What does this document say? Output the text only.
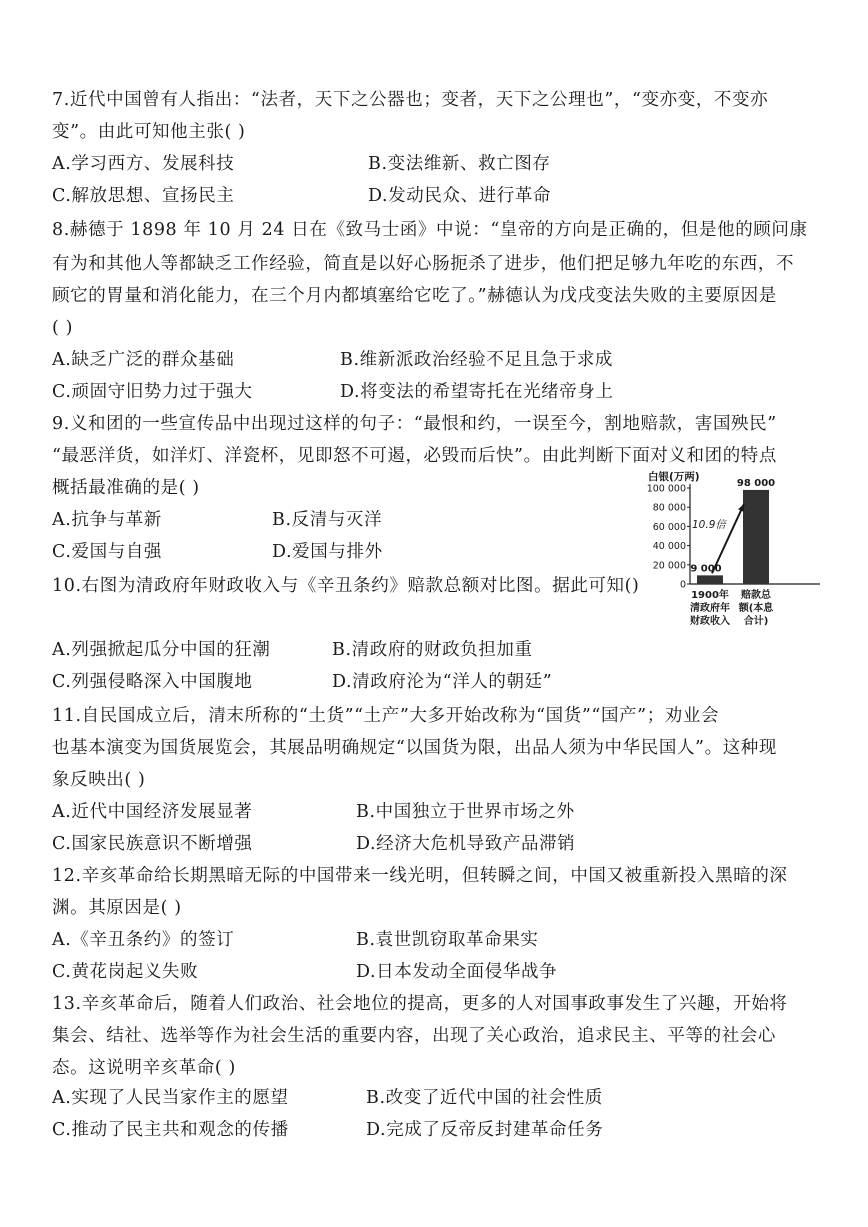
7.近代中国曾有人指出：“法者，天下之公器也；变者，天下之公理也”，“变亦变，不变亦
变”。由此可知他主张( )
A.学习西方、发展科技	B.变法维新、救亡图存
C.解放思想、宣扬民主	D.发动民众、进行革命
8.赫德于 1898 年 10 月 24 日在《致马士函》中说：“皇帝的方向是正确的，但是他的顾问康
有为和其他人等都缺乏工作经验，简直是以好心肠扼杀了进步，他们把足够九年吃的东西，不
顾它的胃量和消化能力，在三个月内都填塞给它吃了。”赫德认为戊戌变法失败的主要原因是
( )
A.缺乏广泛的群众基础	B.维新派政治经验不足且急于求成
C.顽固守旧势力过于强大	D.将变法的希望寄托在光绪帝身上
9.义和团的一些宣传品中出现过这样的句子：“最恨和约，一误至今，割地赔款，害国殃民”
“最恶洋货，如洋灯、洋瓷杯，见即怒不可遏，必毁而后快”。由此判断下面对义和团的特点
概括最准确的是( )
A.抗争与革新	B.反清与灭洋
C.爱国与自强	D.爱国与排外
10.右图为清政府年财政收入与《辛丑条约》赔款总额对比图。据此可知()
A.列强掀起瓜分中国的狂潮	B.清政府的财政负担加重
C.列强侵略深入中国腹地	D.清政府沦为“洋人的朝廷”
11.自民国成立后，清末所称的“土货”“土产”大多开始改称为“国货”“国产”；劝业会
也基本演变为国货展览会，其展品明确规定“以国货为限，出品人须为中华民国人”。这种现
象反映出( )
A.近代中国经济发展显著	B.中国独立于世界市场之外
C.国家民族意识不断增强	D.经济大危机导致产品滞销
12.辛亥革命给长期黑暗无际的中国带来一线光明，但转瞬之间，中国又被重新投入黑暗的深
渊。其原因是( )
A.《辛丑条约》的签订	B.袁世凯窃取革命果实
C.黄花岗起义失败	D.日本发动全面侵华战争
13.辛亥革命后，随着人们政治、社会地位的提高，更多的人对国事政事发生了兴趣，开始将
集会、结社、选举等作为社会生活的重要内容，出现了关心政治，追求民主、平等的社会心
态。这说明辛亥革命( )
A.实现了人民当家作主的愿望	B.改变了近代中国的社会性质
C.推动了民主共和观念的传播	D.完成了反帝反封建革命任务
白银(万两)
100 000
80 000
60 000
40 000
20 000
0
9 000
98 000
10.9倍
1900年
清政府年
财政收入
赔款总
额(本息
合计)
